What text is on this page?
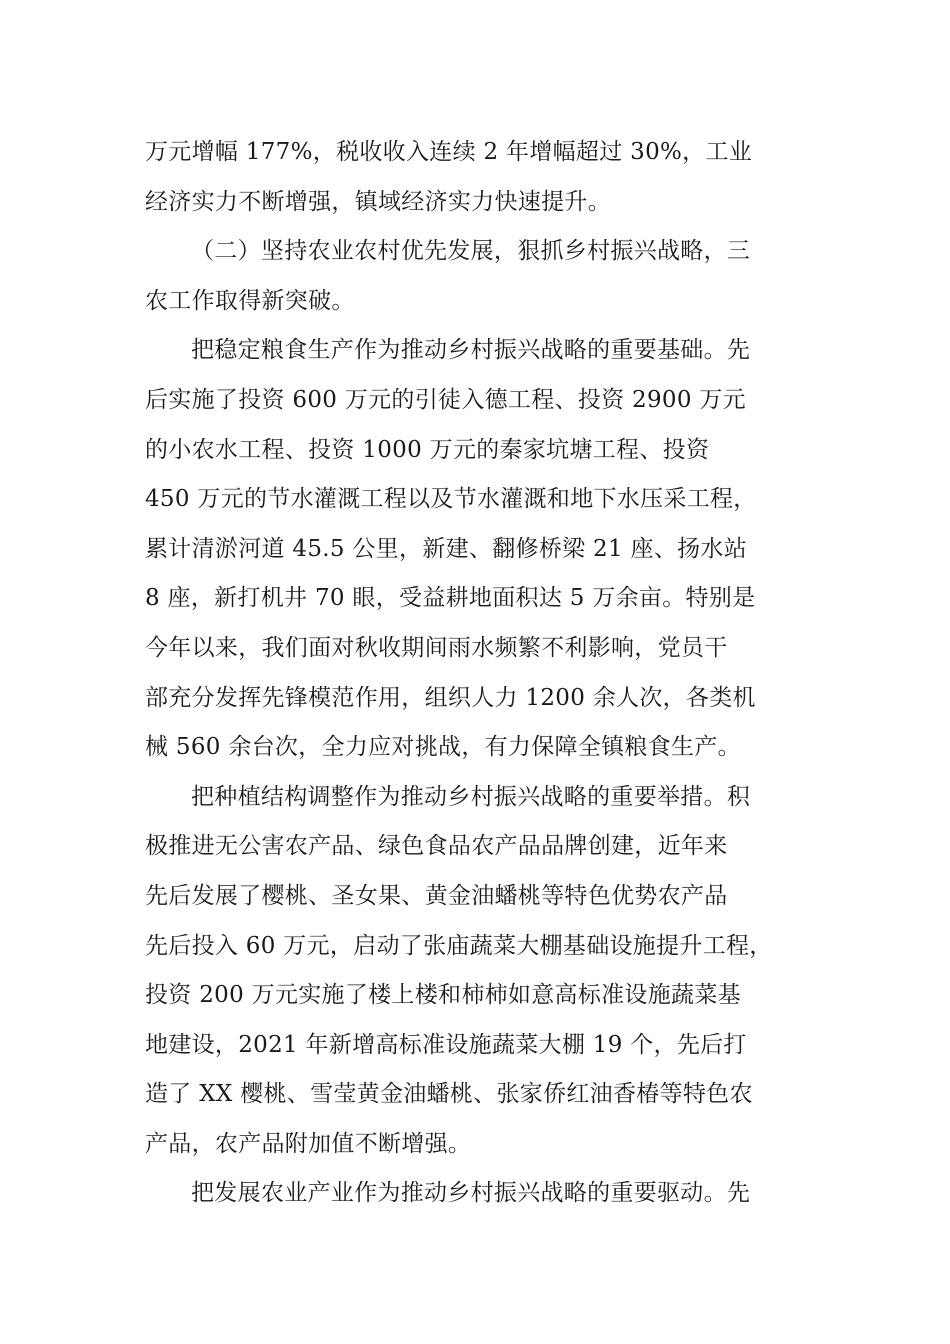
万元增幅 177%，税收收入连续 2 年增幅超过 30%，工业
经济实力不断增强，镇域经济实力快速提升。
（二）坚持农业农村优先发展，狠抓乡村振兴战略，三
农工作取得新突破。
把稳定粮食生产作为推动乡村振兴战略的重要基础。先
后实施了投资 600 万元的引徒入德工程、投资 2900 万元
的小农水工程、投资 1000 万元的秦家坑塘工程、投资
450 万元的节水灌溉工程以及节水灌溉和地下水压采工程，
累计清淤河道 45.5 公里，新建、翻修桥梁 21 座、扬水站
8 座，新打机井 70 眼，受益耕地面积达 5 万余亩。特别是
今年以来，我们面对秋收期间雨水频繁不利影响，党员干
部充分发挥先锋模范作用，组织人力 1200 余人次，各类机
械 560 余台次，全力应对挑战，有力保障全镇粮食生产。
把种植结构调整作为推动乡村振兴战略的重要举措。积
极推进无公害农产品、绿色食品农产品品牌创建，近年来
先后发展了樱桃、圣女果、黄金油蟠桃等特色优势农产品
先后投入 60 万元，启动了张庙蔬菜大棚基础设施提升工程，
投资 200 万元实施了楼上楼和柿柿如意高标准设施蔬菜基
地建设，2021 年新增高标准设施蔬菜大棚 19 个，先后打
造了 XX 樱桃、雪莹黄金油蟠桃、张家侨红油香椿等特色农
产品，农产品附加值不断增强。
把发展农业产业作为推动乡村振兴战略的重要驱动。先
